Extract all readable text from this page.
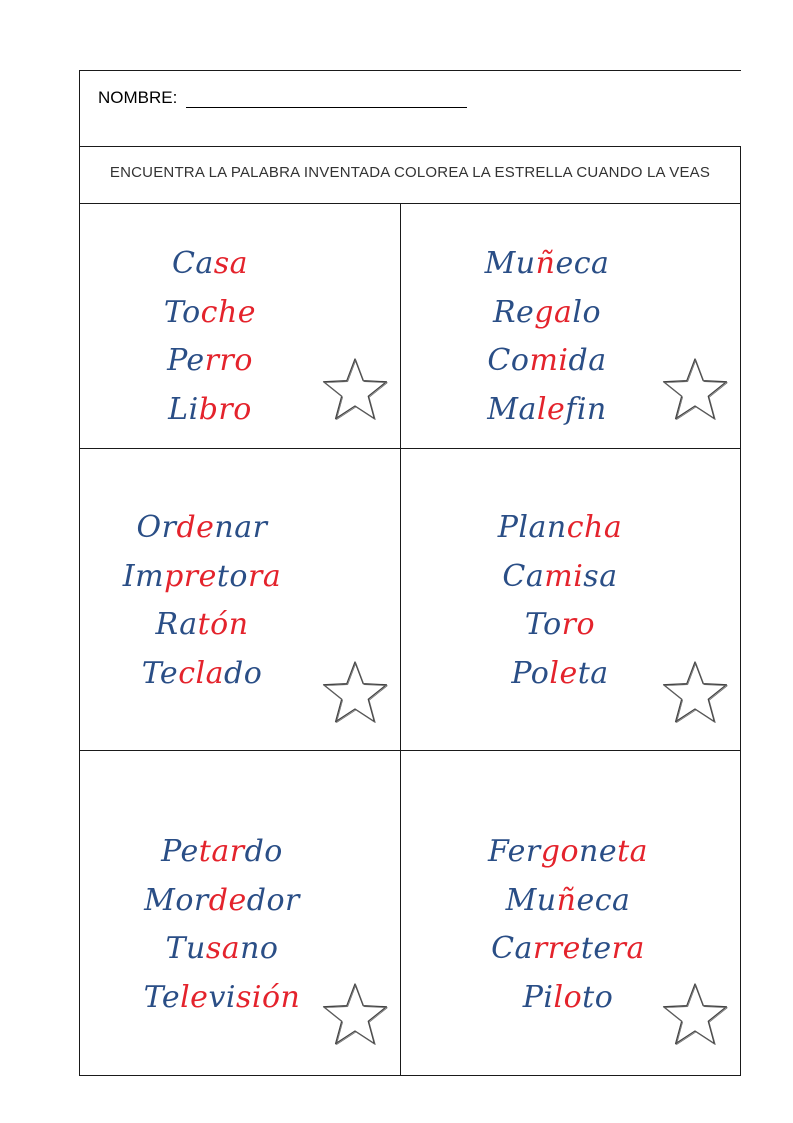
NOMBRE:
ENCUENTRA LA PALABRA INVENTADA COLOREA LA ESTRELLA CUANDO LA VEAS
Casa
Toche
Perro
Libro
Muñeca
Regalo
Comida
Malefin
Ordenar
Impretora
Ratón
Teclado
Plancha
Camisa
Toro
Poleta
Petardo
Mordedor
Tusano
Televisión
Fergoneta
Muñeca
Carretera
Piloto
